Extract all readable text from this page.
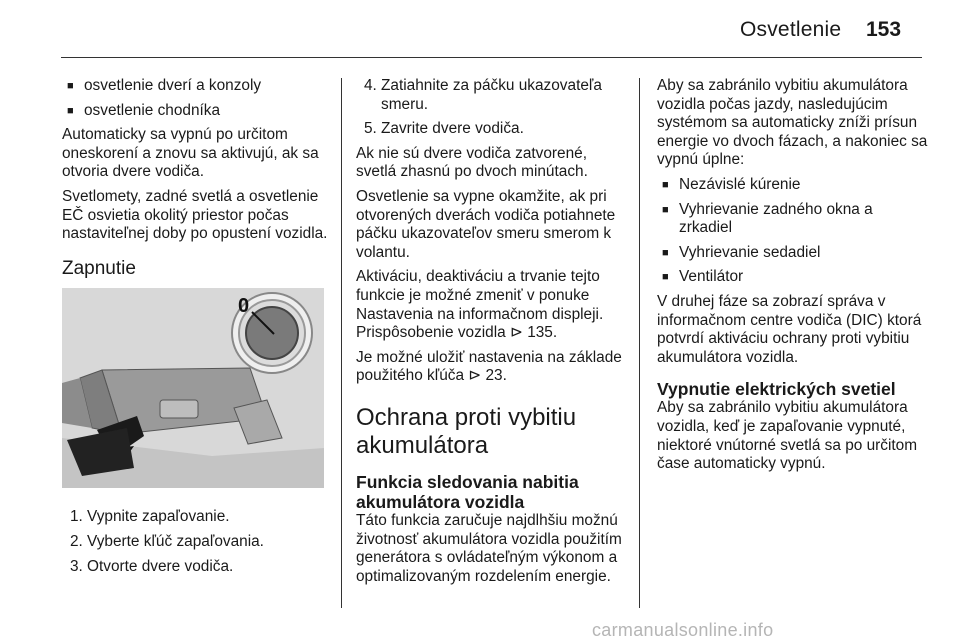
Osvetlenie 153
■ osvetlenie dverí a konzoly
■ osvetlenie chodníka

Automaticky sa vypnú po určitom oneskorení a znovu sa aktivujú, ak sa otvoria dvere vodiča.

Svetlomety, zadné svetlá a osvetlenie EČ osvietia okolitý priestor počas nastaviteľnej doby po opustení vozidla.

Zapnutie
0
1. Vypnite zapaľovanie.
2. Vyberte kľúč zapaľovania.
3. Otvorte dvere vodiča.
4. Zatiahnite za páčku ukazovateľa smeru.
5. Zavrite dvere vodiča.

Ak nie sú dvere vodiča zatvorené, svetlá zhasnú po dvoch minútach.

Osvetlenie sa vypne okamžite, ak pri otvorených dverách vodiča potiahnete páčku ukazovateľov smeru smerom k volantu.

Aktiváciu, deaktiváciu a trvanie tejto funkcie je možné zmeniť v ponuke Nastavenia na informačnom displeji. Prispôsobenie vozidla ⊳ 135.

Je možné uložiť nastavenia na základe použitého kľúča ⊳ 23.

Ochrana proti vybitiu akumulátora
Funkcia sledovania nabitia akumulátora vozidla

Táto funkcia zaručuje najdlhšiu možnú životnosť akumulátora vozidla použitím generátora s ovládateľným výkonom a optimalizovaným rozdelením energie.

Aby sa zabránilo vybitiu akumulátora vozidla počas jazdy, nasledujúcim systémom sa automaticky zníži prísun energie vo dvoch fázach, a nakoniec sa vypnú úplne:

■ Nezávislé kúrenie
■ Vyhrievanie zadného okna a zrkadiel
■ Vyhrievanie sedadiel
■ Ventilátor

V druhej fáze sa zobrazí správa v informačnom centre vodiča (DIC) ktorá potvrdí aktiváciu ochrany proti vybitiu akumulátora vozidla.

Vypnutie elektrických svetiel

Aby sa zabránilo vybitiu akumulátora vozidla, keď je zapaľovanie vypnuté, niektoré vnútorné svetlá sa po určitom čase automaticky vypnú.

carmanualsonline.info
